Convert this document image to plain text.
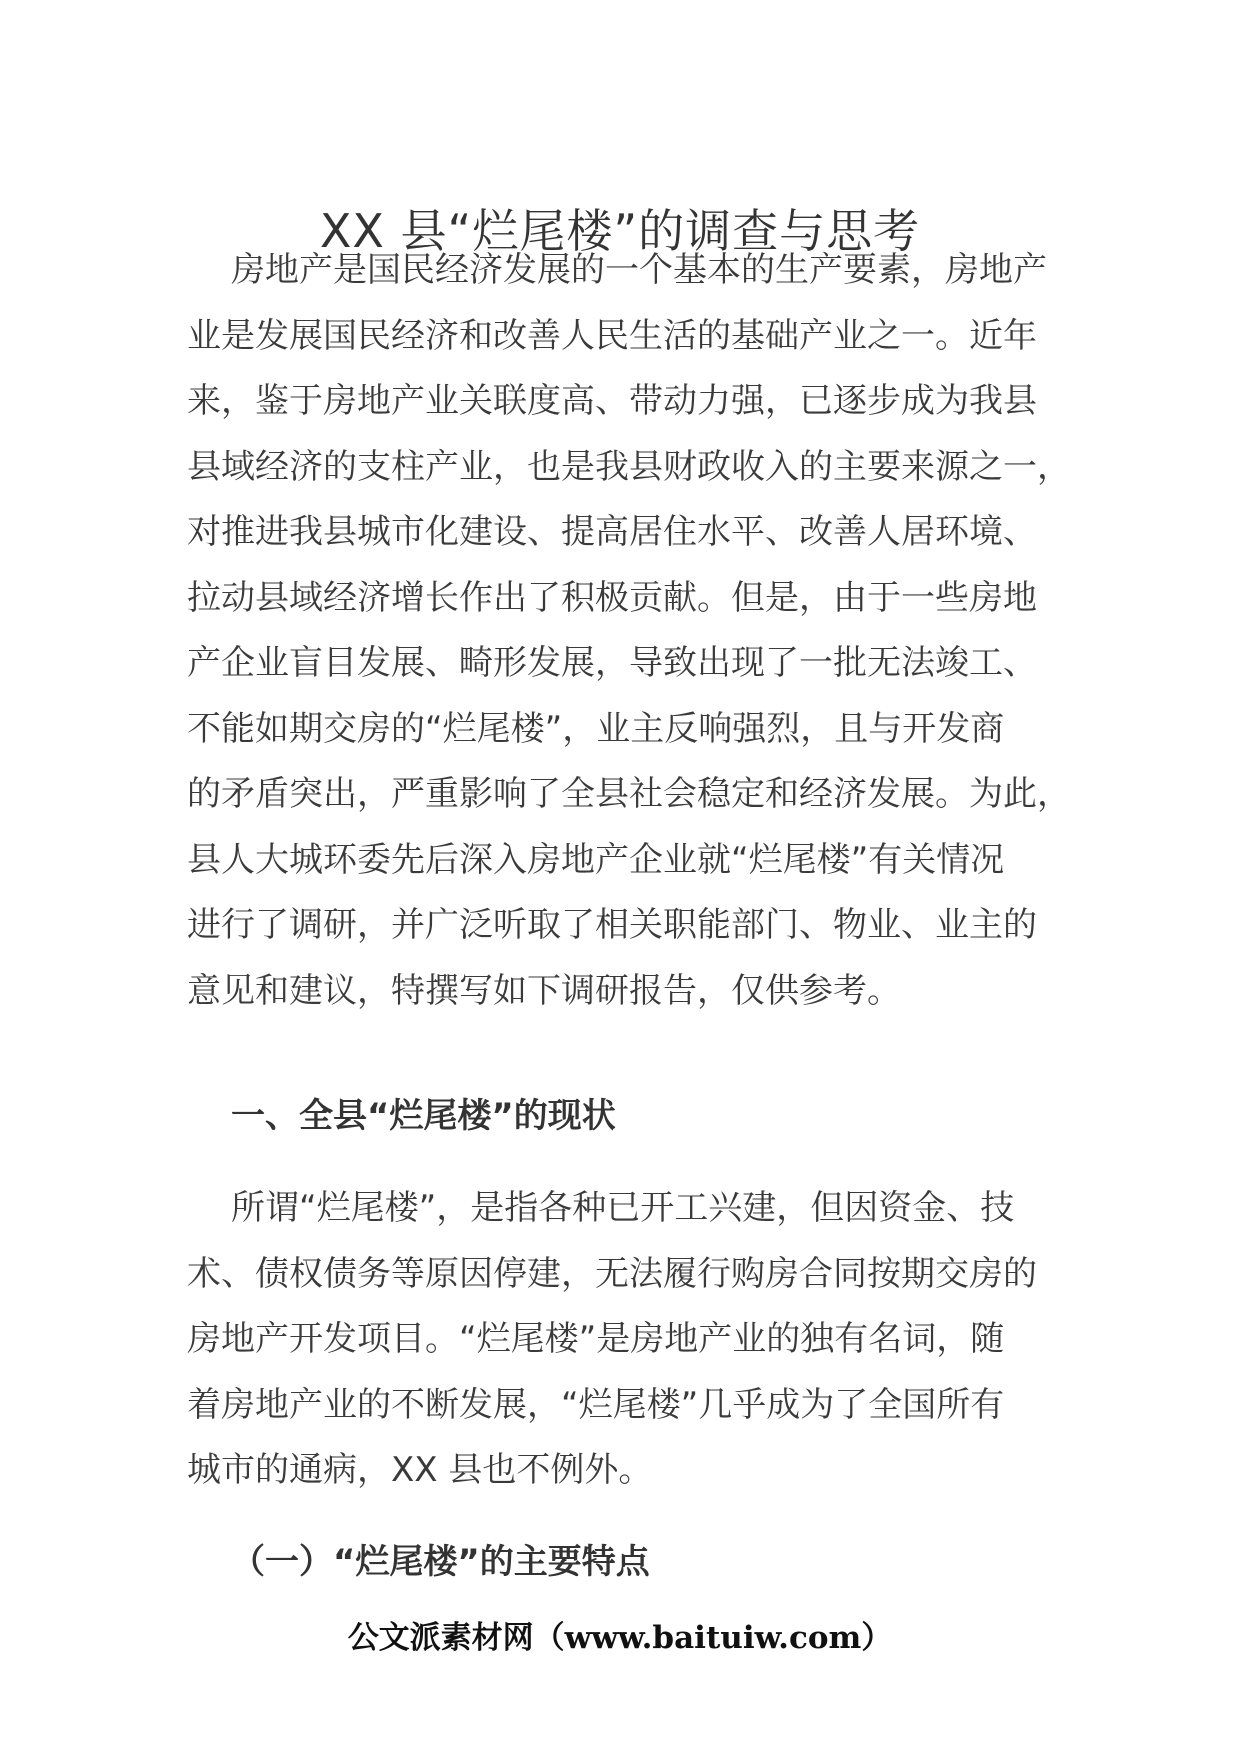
XX 县“烂尾楼”的调查与思考
房地产是国民经济发展的一个基本的生产要素，房地产
业是发展国民经济和改善人民生活的基础产业之一。近年
来，鉴于房地产业关联度高、带动力强，已逐步成为我县
县域经济的支柱产业，也是我县财政收入的主要来源之一，
对推进我县城市化建设、提高居住水平、改善人居环境、
拉动县域经济增长作出了积极贡献。但是，由于一些房地
产企业盲目发展、畸形发展，导致出现了一批无法竣工、
不能如期交房的“烂尾楼”，业主反响强烈，且与开发商
的矛盾突出，严重影响了全县社会稳定和经济发展。为此，
县人大城环委先后深入房地产企业就“烂尾楼”有关情况
进行了调研，并广泛听取了相关职能部门、物业、业主的
意见和建议，特撰写如下调研报告，仅供参考。
一、全县“烂尾楼”的现状
所谓“烂尾楼”，是指各种已开工兴建，但因资金、技
术、债权债务等原因停建，无法履行购房合同按期交房的
房地产开发项目。“烂尾楼”是房地产业的独有名词，随
着房地产业的不断发展，“烂尾楼”几乎成为了全国所有
城市的通病，XX 县也不例外。
（一）“烂尾楼”的主要特点
公文派素材网（www.baituiw.com）
